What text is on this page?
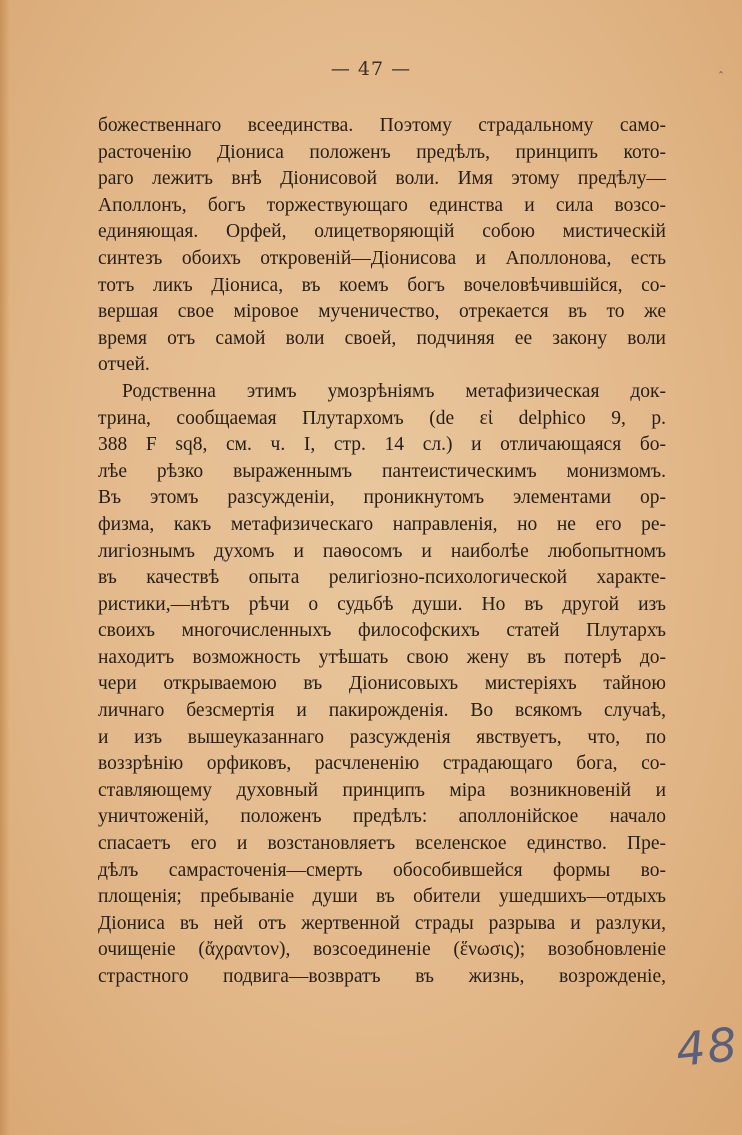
— 47 —	ˆ
божественнаго всеединства. Поэтому страдальному само-
расточенію Діониса положенъ предѣлъ, принципъ кото-
раго лежитъ внѣ Діонисовой воли. Имя этому предѣлу—
Аполлонъ, богъ торжествующаго единства и сила возсо-
единяющая. Орфей, олицетворяющій собою мистическій
синтезъ обоихъ откровеній—Діонисова и Аполлонова, есть
тотъ ликъ Діониса, въ коемъ богъ вочеловѣчившійся, со-
вершая свое міровое мученичество, отрекается въ то же
время отъ самой воли своей, подчиняя ее закону воли
отчей.
Родственна этимъ умозрѣніямъ метафизическая док-
трина, сообщаемая Плутархомъ (de εἰ delphico 9, p.
388 F sq8, см. ч. I, стр. 14 сл.) и отличающаяся бо-
лѣе рѣзко выраженнымъ пантеистическимъ монизмомъ.
Въ этомъ разсужденіи, проникнутомъ элементами ор-
физма, какъ метафизическаго направленія, но не его ре-
лигіознымъ духомъ и паѳосомъ и наиболѣе любопытномъ
въ качествѣ опыта религіозно-психологической характе-
ристики,—нѣтъ рѣчи о судьбѣ души. Но въ другой изъ
своихъ многочисленныхъ философскихъ статей Плутархъ
находитъ возможность утѣшать свою жену въ потерѣ до-
чери открываемою въ Діонисовыхъ мистеріяхъ тайною
личнаго безсмертія и пакирожденія. Во всякомъ случаѣ,
и изъ вышеуказаннаго разсужденія явствуетъ, что, по
воззрѣнію орфиковъ, расчлененію страдающаго бога, со-
ставляющему духовный принципъ міра возникновеній и
уничтоженій, положенъ предѣлъ: аполлонійское начало
спасаетъ его и возстановляетъ вселенское единство. Пре-
дѣлъ самрасточенія—смерть обособившейся формы во-
площенія; пребываніе души въ обители ушедшихъ—отдыхъ
Діониса въ ней отъ жертвенной страды разрыва и разлуки,
очищеніе (ἄχραντον), возсоединеніе (ἕνωσις); возобновленіе
страстного подвига—возвратъ въ жизнь, возрожденіе,
48
